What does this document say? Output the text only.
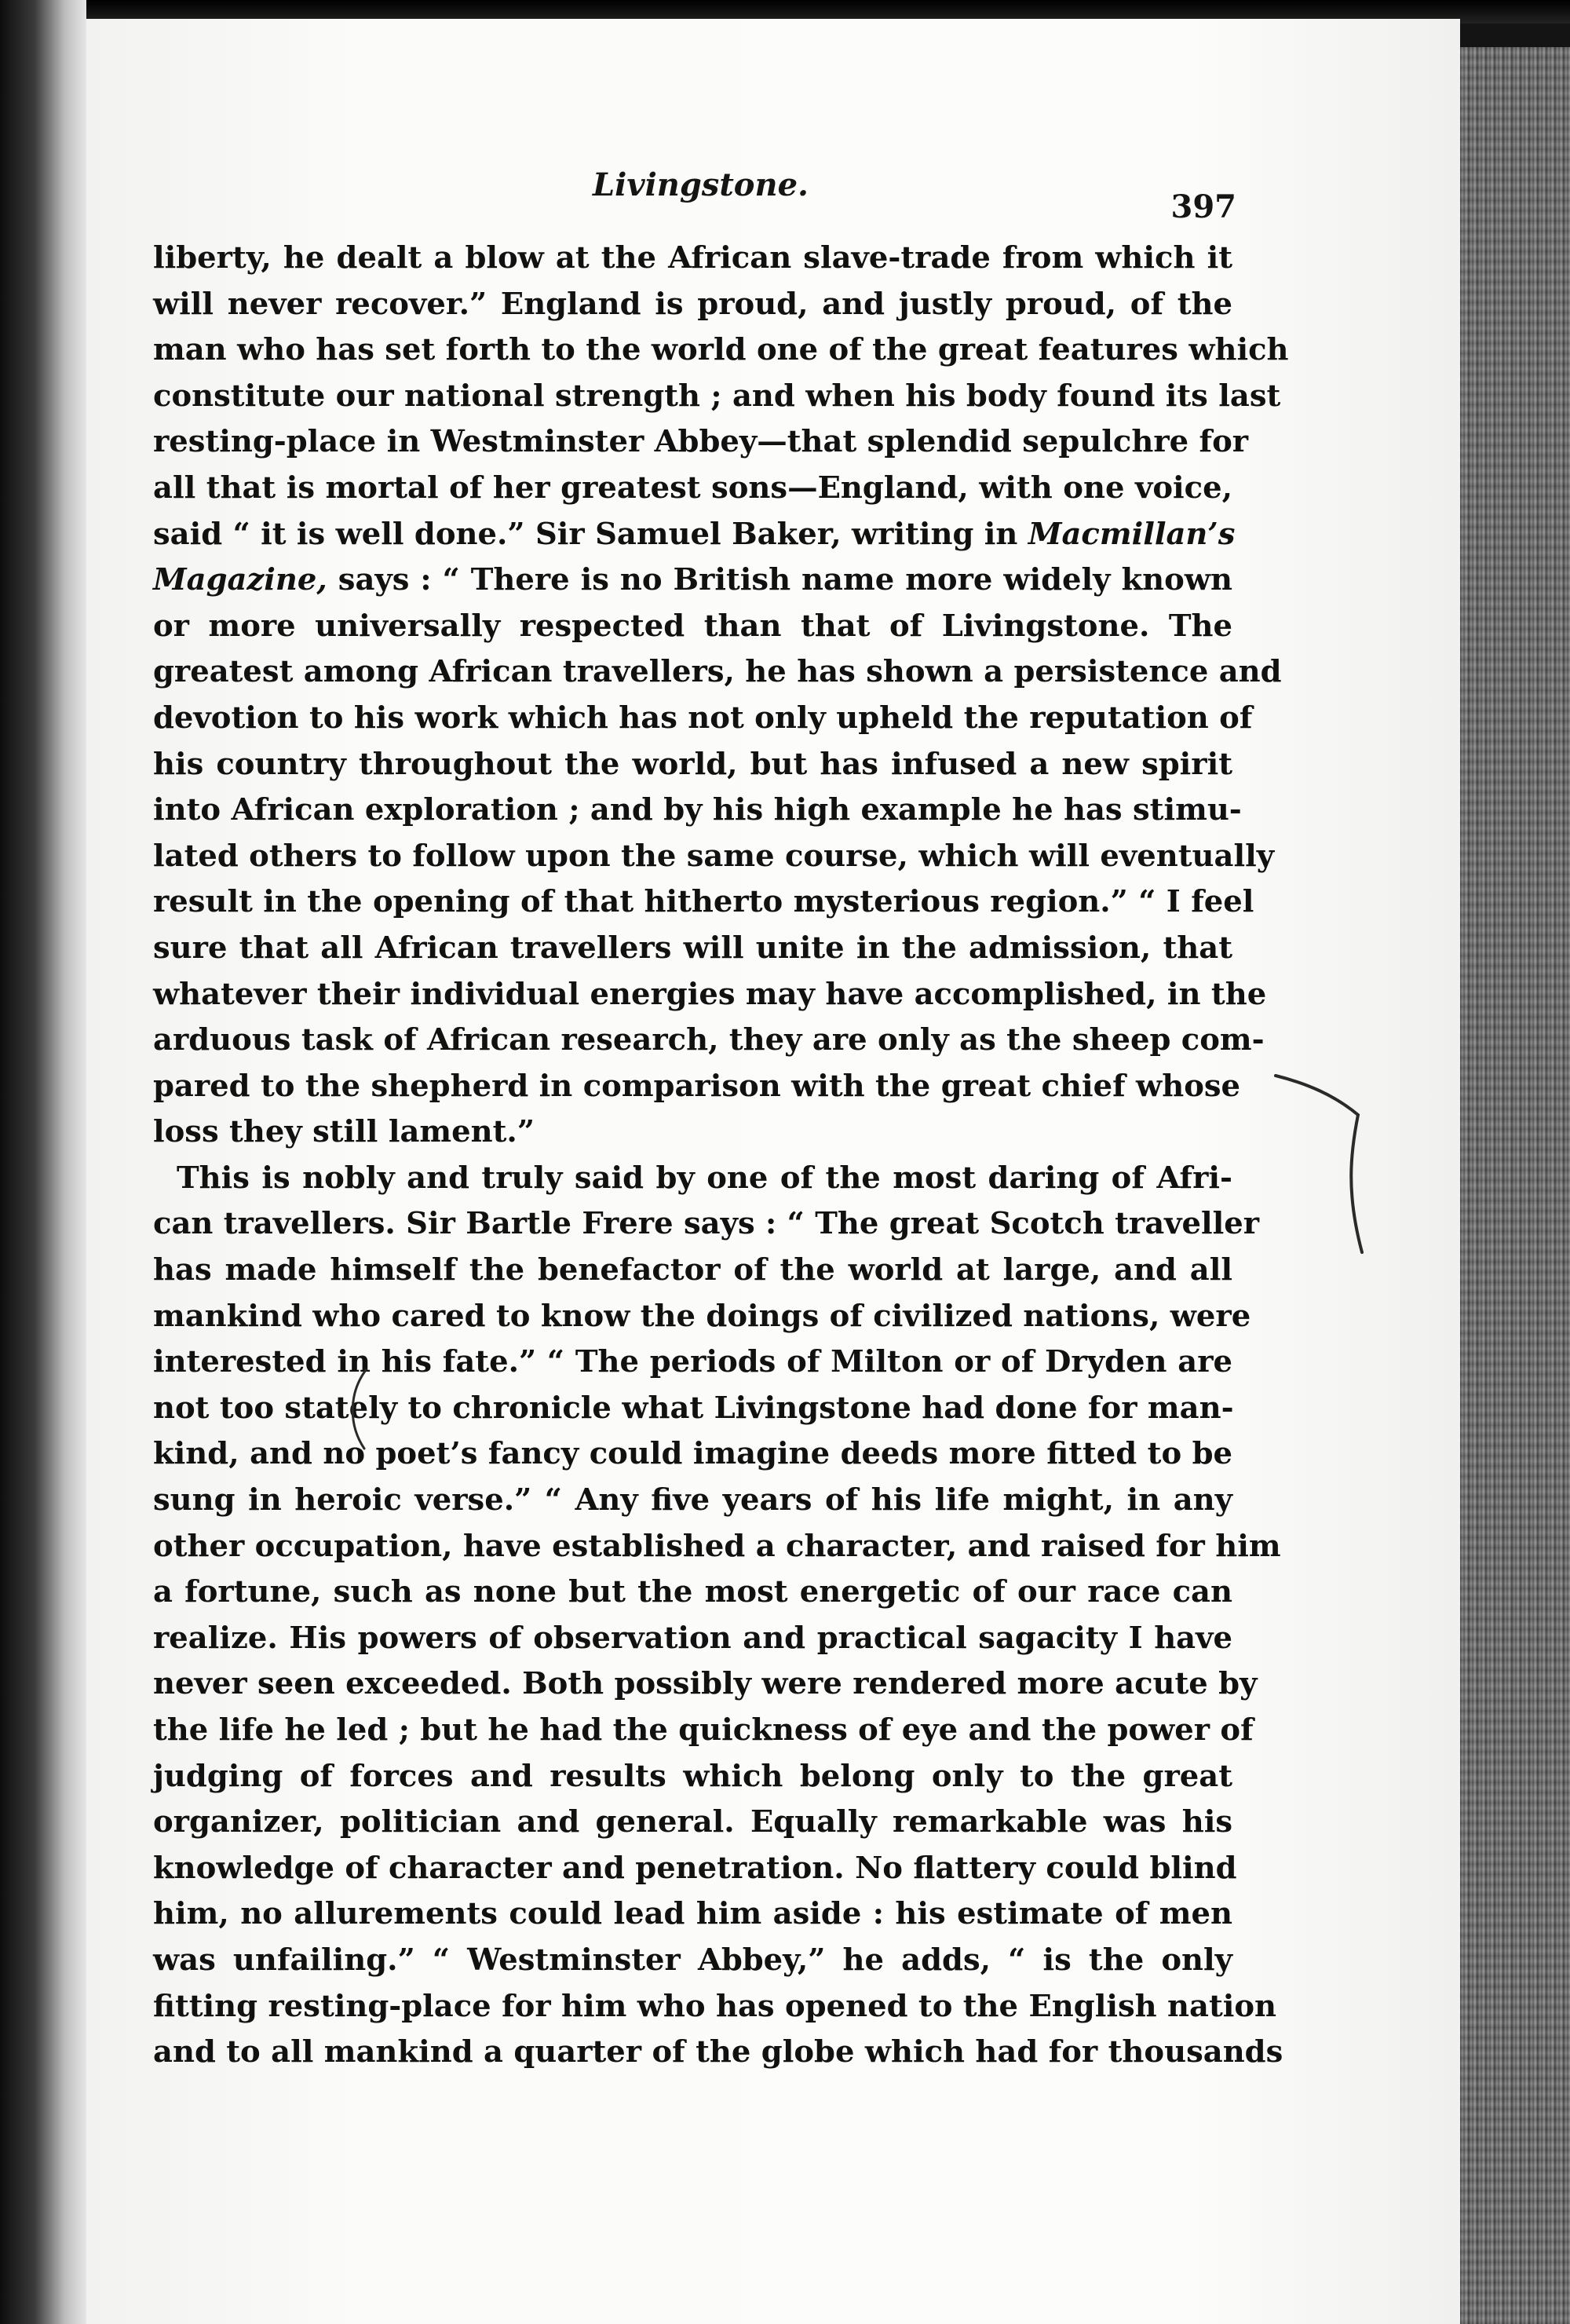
Livingstone.
397
liberty, he dealt a blow at the African slave-trade from which it
will never recover.” England is proud, and justly proud, of the
man who has set forth to the world one of the great features which
constitute our national strength ; and when his body found its last
resting-place in Westminster Abbey—that splendid sepulchre for
all that is mortal of her greatest sons—England, with one voice,
said “ it is well done.” Sir Samuel Baker, writing in Macmillan’s
Magazine, says : “ There is no British name more widely known
or more universally respected than that of Livingstone. The
greatest among African travellers, he has shown a persistence and
devotion to his work which has not only upheld the reputation of
his country throughout the world, but has infused a new spirit
into African exploration ; and by his high example he has stimu-
lated others to follow upon the same course, which will eventually
result in the opening of that hitherto mysterious region.” “ I feel
sure that all African travellers will unite in the admission, that
whatever their individual energies may have accomplished, in the
arduous task of African research, they are only as the sheep com-
pared to the shepherd in comparison with the great chief whose
loss they still lament.”
This is nobly and truly said by one of the most daring of Afri-
can travellers. Sir Bartle Frere says : “ The great Scotch traveller
has made himself the benefactor of the world at large, and all
mankind who cared to know the doings of civilized nations, were
interested in his fate.” “ The periods of Milton or of Dryden are
not too stately to chronicle what Livingstone had done for man-
kind, and no poet’s fancy could imagine deeds more fitted to be
sung in heroic verse.” “ Any five years of his life might, in any
other occupation, have established a character, and raised for him
a fortune, such as none but the most energetic of our race can
realize. His powers of observation and practical sagacity I have
never seen exceeded. Both possibly were rendered more acute by
the life he led ; but he had the quickness of eye and the power of
judging of forces and results which belong only to the great
organizer, politician and general. Equally remarkable was his
knowledge of character and penetration. No flattery could blind
him, no allurements could lead him aside : his estimate of men
was unfailing.” “ Westminster Abbey,” he adds, “ is the only
fitting resting-place for him who has opened to the English nation
and to all mankind a quarter of the globe which had for thousands
